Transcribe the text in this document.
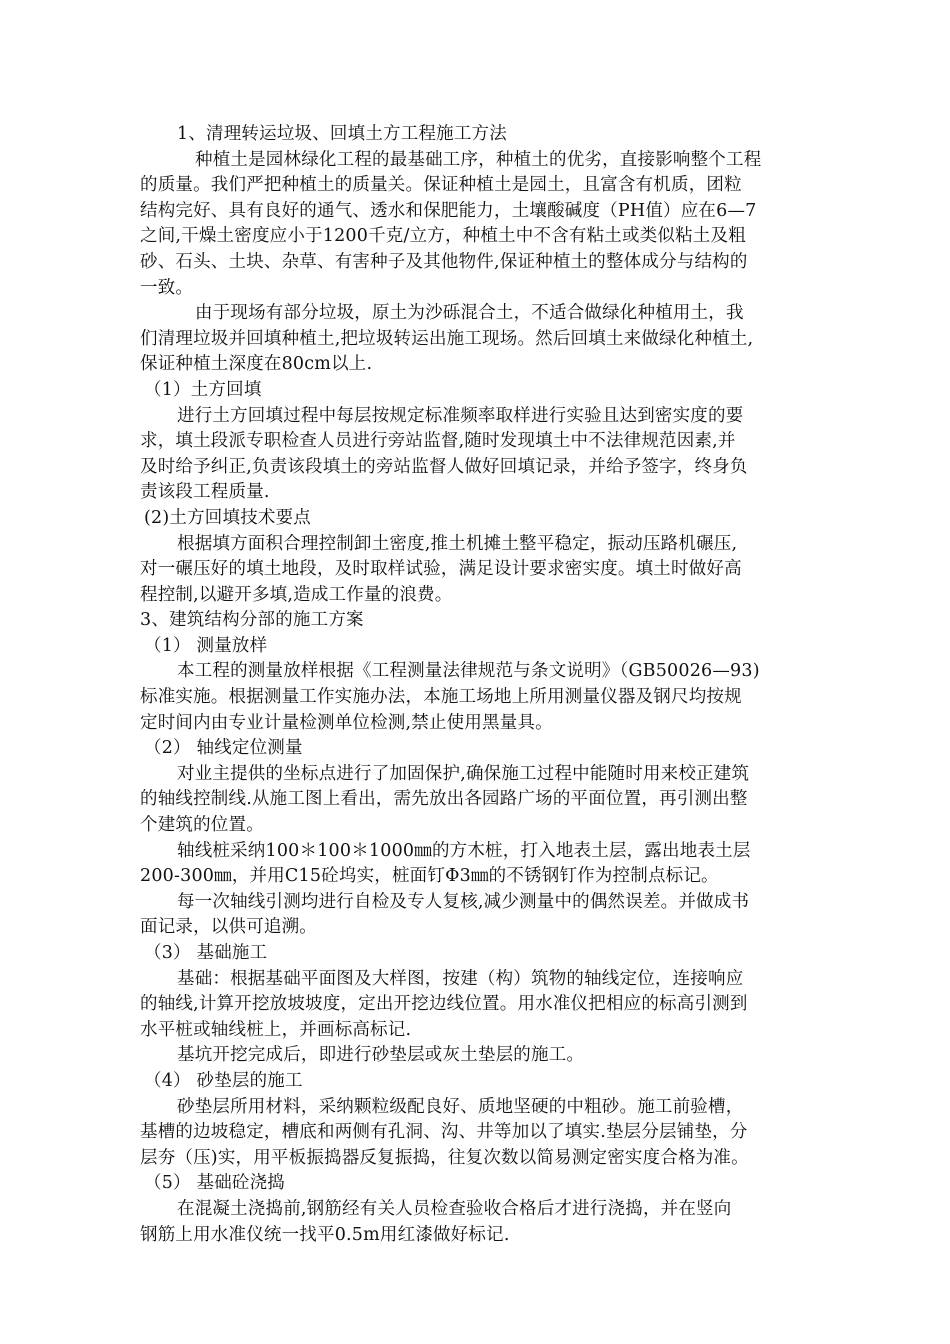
1、清理转运垃圾、回填土方工程施工方法
种植土是园林绿化工程的最基础工序，种植土的优劣，直接影响整个工程
的质量。我们严把种植土的质量关。保证种植土是园土，且富含有机质，团粒
结构完好、具有良好的通气、透水和保肥能力，土壤酸碱度（PH值）应在6—7
之间,干燥土密度应小于1200千克/立方，种植土中不含有粘土或类似粘土及粗
砂、石头、土块、杂草、有害种子及其他物件,保证种植土的整体成分与结构的
一致。
由于现场有部分垃圾，原土为沙砾混合土，不适合做绿化种植用土，我
们清理垃圾并回填种植土,把垃圾转运出施工现场。然后回填土来做绿化种植土,
保证种植土深度在80cm以上.
（1）土方回填
进行土方回填过程中每层按规定标准频率取样进行实验且达到密实度的要
求，填土段派专职检查人员进行旁站监督,随时发现填土中不法律规范因素,并
及时给予纠正,负责该段填土的旁站监督人做好回填记录，并给予签字，终身负
责该段工程质量.
(2)土方回填技术要点
根据填方面积合理控制卸土密度,推土机摊土整平稳定，振动压路机碾压,
对一碾压好的填土地段，及时取样试验，满足设计要求密实度。填土时做好高
程控制,以避开多填,造成工作量的浪费。
3、建筑结构分部的施工方案
（1） 测量放样
本工程的测量放样根据《工程测量法律规范与条文说明》（GB50026—93)
标准实施。根据测量工作实施办法，本施工场地上所用测量仪器及钢尺均按规
定时间内由专业计量检测单位检测,禁止使用黑量具。
（2） 轴线定位测量
对业主提供的坐标点进行了加固保护,确保施工过程中能随时用来校正建筑
的轴线控制线.从施工图上看出，需先放出各园路广场的平面位置，再引测出整
个建筑的位置。
轴线桩采纳100＊100＊1000㎜的方木桩，打入地表土层，露出地表土层
200-300㎜，并用C15砼坞实，桩面钉Φ3㎜的不锈钢钉作为控制点标记。
每一次轴线引测均进行自检及专人复核,减少测量中的偶然误差。并做成书
面记录，以供可追溯。
（3） 基础施工
基础：根据基础平面图及大样图，按建（构）筑物的轴线定位，连接响应
的轴线,计算开挖放坡坡度，定出开挖边线位置。用水准仪把相应的标高引测到
水平桩或轴线桩上，并画标高标记.
基坑开挖完成后，即进行砂垫层或灰土垫层的施工。
（4） 砂垫层的施工
砂垫层所用材料，采纳颗粒级配良好、质地坚硬的中粗砂。施工前验槽，
基槽的边坡稳定，槽底和两侧有孔洞、沟、井等加以了填实.垫层分层铺垫，分
层夯（压)实，用平板振捣器反复振捣，往复次数以简易测定密实度合格为准。
（5） 基础砼浇捣
在混凝土浇捣前,钢筋经有关人员检查验收合格后才进行浇捣，并在竖向
钢筋上用水准仪统一找平0.5m用红漆做好标记.
